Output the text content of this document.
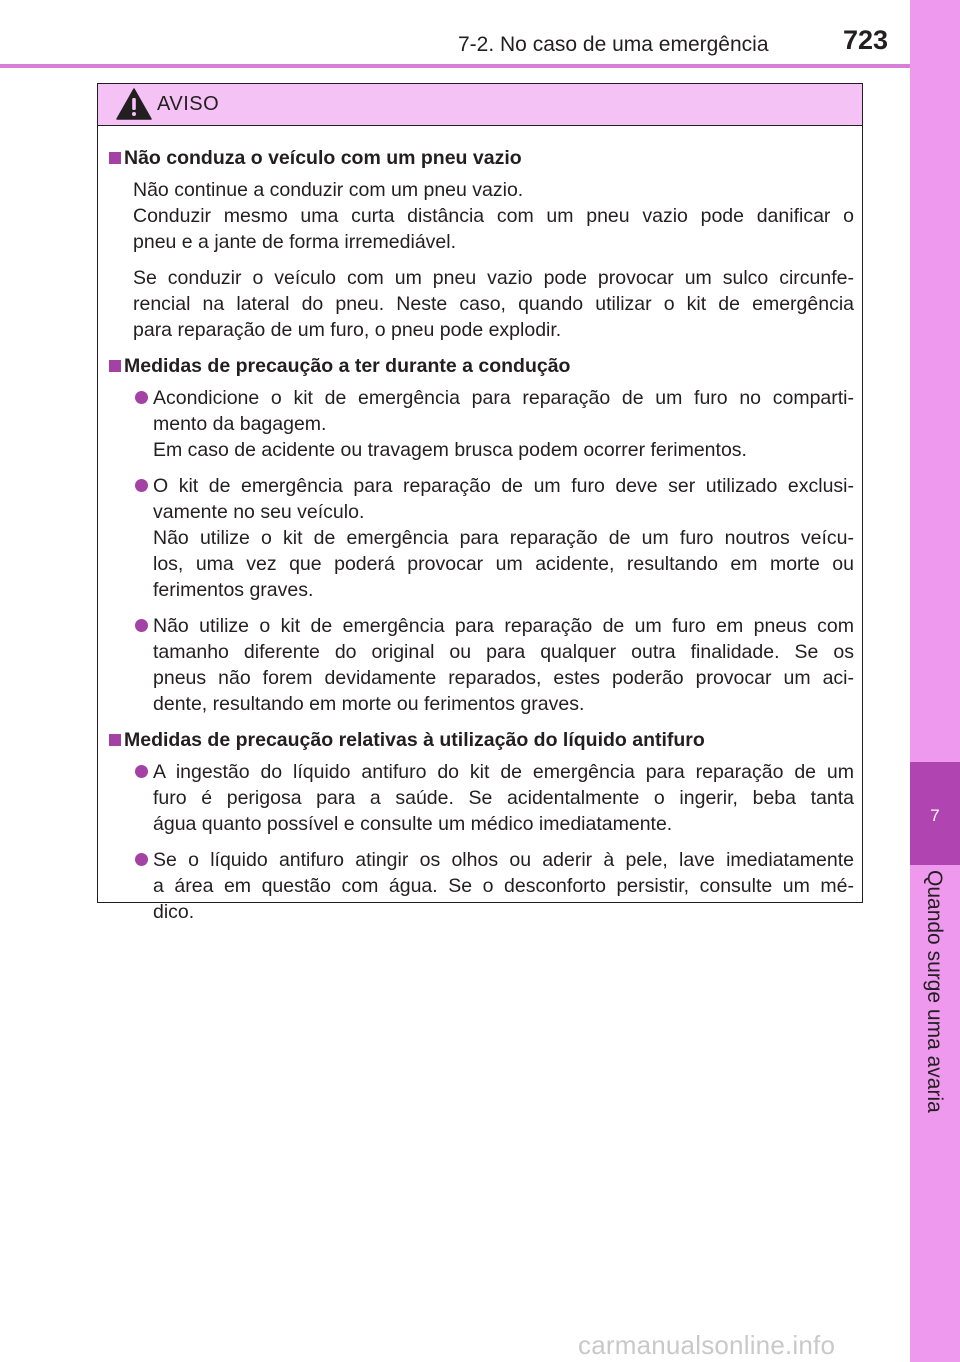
7-2. No caso de uma emergência	723
7
Quando surge uma avaria
AVISO
Não conduza o veículo com um pneu vazio
Não continue a conduzir com um pneu vazio.
Conduzir mesmo uma curta distância com um pneu vazio pode danificar o
pneu e a jante de forma irremediável.
Se conduzir o veículo com um pneu vazio pode provocar um sulco circunfe-
rencial na lateral do pneu. Neste caso, quando utilizar o kit de emergência
para reparação de um furo, o pneu pode explodir.
Medidas de precaução a ter durante a condução
Acondicione o kit de emergência para reparação de um furo no comparti-
mento da bagagem.
Em caso de acidente ou travagem brusca podem ocorrer ferimentos.
O kit de emergência para reparação de um furo deve ser utilizado exclusi-
vamente no seu veículo.
Não utilize o kit de emergência para reparação de um furo noutros veícu-
los, uma vez que poderá provocar um acidente, resultando em morte ou
ferimentos graves.
Não utilize o kit de emergência para reparação de um furo em pneus com
tamanho diferente do original ou para qualquer outra finalidade. Se os
pneus não forem devidamente reparados, estes poderão provocar um aci-
dente, resultando em morte ou ferimentos graves.
Medidas de precaução relativas à utilização do líquido antifuro
A ingestão do líquido antifuro do kit de emergência para reparação de um
furo é perigosa para a saúde. Se acidentalmente o ingerir, beba tanta
água quanto possível e consulte um médico imediatamente.
Se o líquido antifuro atingir os olhos ou aderir à pele, lave imediatamente
a área em questão com água. Se o desconforto persistir, consulte um mé-
dico.
carmanualsonline.info
